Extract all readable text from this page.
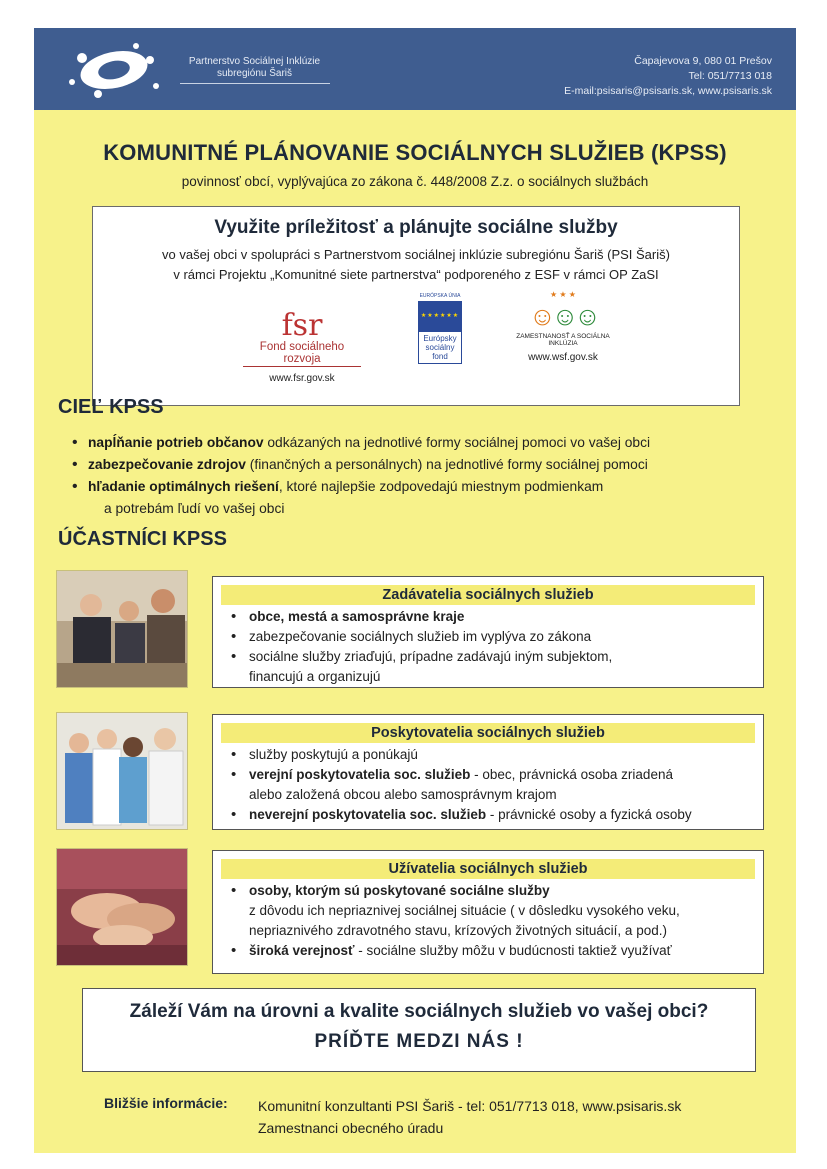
Partnerstvo Sociálnej Inklúzie
subregiónu Šariš
Čapajevova 9, 080 01 Prešov
Tel: 051/7713 018
E-mail:psisaris@psisaris.sk, www.psisaris.sk
KOMUNITNÉ PLÁNOVANIE SOCIÁLNYCH SLUŽIEB (KPSS)
povinnosť obcí, vyplývajúca zo zákona č. 448/2008 Z.z. o sociálnych službách
Využite príležitosť a plánujte sociálne služby
vo vašej obci v spolupráci s Partnerstvom sociálnej inklúzie subregiónu Šariš (PSI Šariš)
v rámci Projektu „Komunitné siete partnerstva“ podporeného z ESF v rámci OP ZaSI
fsr
Fond sociálneho rozvoja
www.fsr.gov.sk
EURÓPSKA ÚNIA
★★★★★★
Európsky sociálny fond
★ ★ ★
☺☺☺
ZAMESTNANOSŤ A SOCIÁLNA INKLÚZIA
www.wsf.gov.sk
CIEĽ KPSS
• napĺňanie potrieb občanov odkázaných na jednotlivé formy sociálnej pomoci vo vašej obci
• zabezpečovanie zdrojov (finančných a personálnych) na jednotlivé formy sociálnej pomoci
• hľadanie optimálnych riešení, ktoré najlepšie zodpovedajú miestnym podmienkam
a potrebám ľudí vo vašej obci
ÚČASTNÍCI KPSS
Zadávatelia sociálnych služieb
• obce, mestá a samosprávne kraje
• zabezpečovanie sociálnych služieb im vyplýva zo zákona
• sociálne služby zriaďujú, prípadne zadávajú iným subjektom,
financujú a organizujú
Poskytovatelia sociálnych služieb
• služby poskytujú a ponúkajú
• verejní poskytovatelia soc. služieb - obec, právnická osoba zriadená
alebo založená obcou alebo samosprávnym krajom
• neverejní poskytovatelia soc. služieb - právnické osoby a fyzická osoby
Užívatelia sociálnych služieb
• osoby, ktorým sú poskytované sociálne služby
z dôvodu ich nepriaznivej sociálnej situácie ( v dôsledku vysokého veku,
nepriaznivého zdravotného stavu, krízových životných situácií, a pod.)
• široká verejnosť - sociálne služby môžu v budúcnosti taktiež využívať
Záleží Vám na úrovni a kvalite sociálnych služieb vo vašej obci?
PRÍĎTE MEDZI NÁS !
Bližšie informácie: Komunitní konzultanti PSI Šariš - tel: 051/7713 018, www.psisaris.sk
Zamestnanci obecného úradu
